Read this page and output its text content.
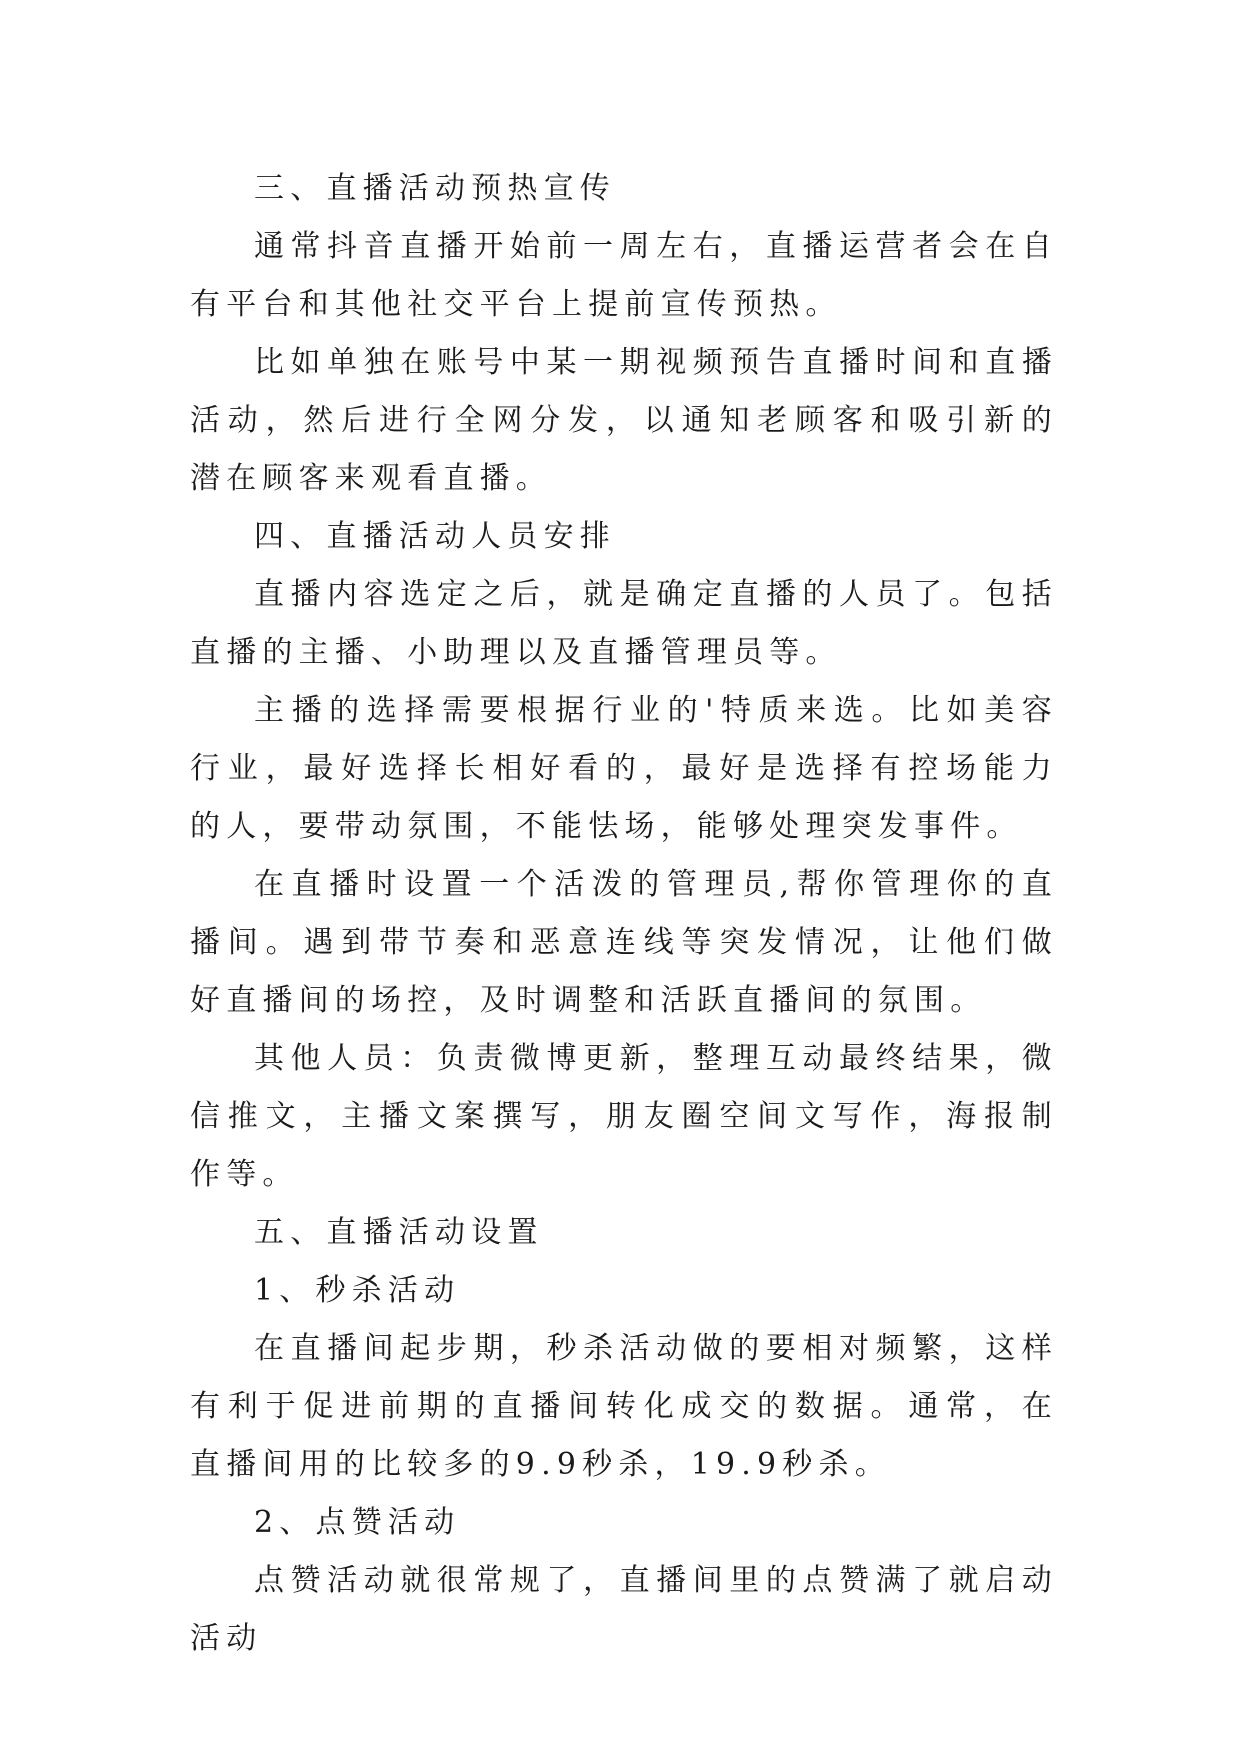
三、直播活动预热宣传

通常抖音直播开始前一周左右，直播运营者会在自有平台和其他社交平台上提前宣传预热。

比如单独在账号中某一期视频预告直播时间和直播活动，然后进行全网分发，以通知老顾客和吸引新的潜在顾客来观看直播。

四、直播活动人员安排

直播内容选定之后，就是确定直播的人员了。包括直播的主播、小助理以及直播管理员等。

主播的选择需要根据行业的'特质来选。比如美容行业，最好选择长相好看的，最好是选择有控场能力的人，要带动氛围，不能怯场，能够处理突发事件。

在直播时设置一个活泼的管理员,帮你管理你的直播间。遇到带节奏和恶意连线等突发情况，让他们做好直播间的场控，及时调整和活跃直播间的氛围。

其他人员：负责微博更新，整理互动最终结果，微信推文，主播文案撰写，朋友圈空间文写作，海报制作等。

五、直播活动设置

1、秒杀活动

在直播间起步期，秒杀活动做的要相对频繁，这样有利于促进前期的直播间转化成交的数据。通常，在直播间用的比较多的9.9秒杀，19.9秒杀。

2、点赞活动

点赞活动就很常规了，直播间里的点赞满了就启动活动
